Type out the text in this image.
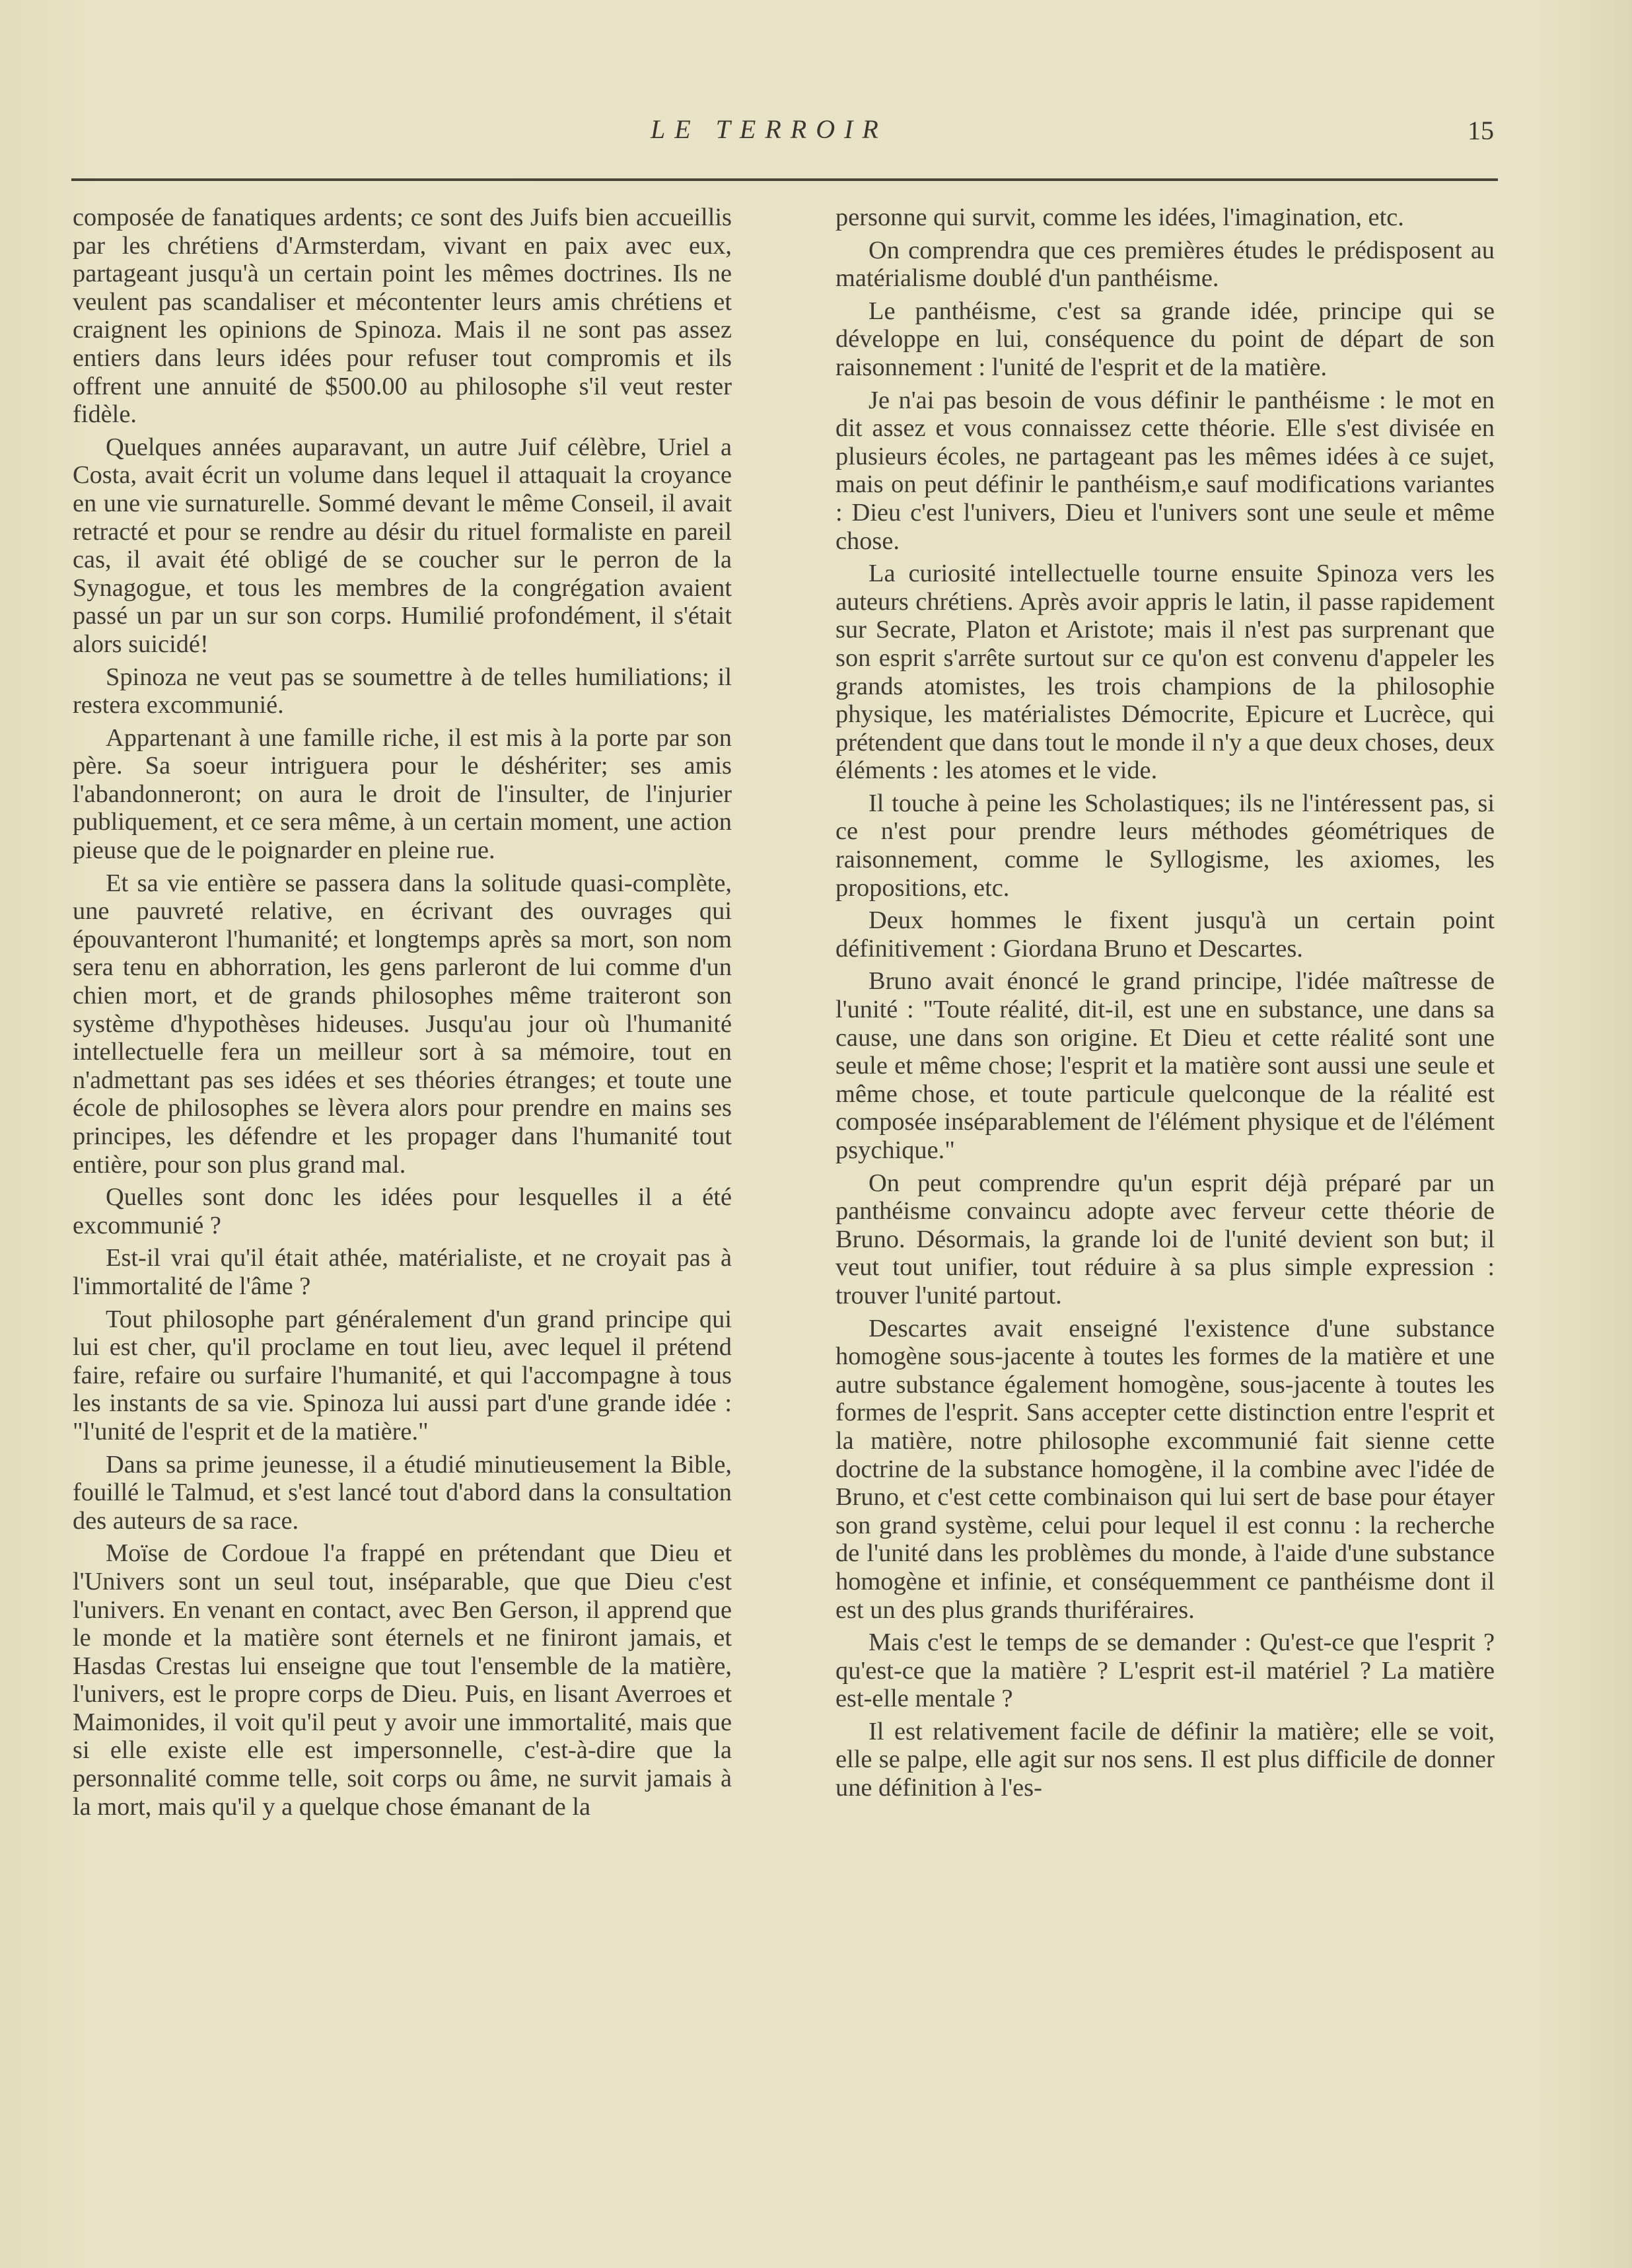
LE TERROIR	15

composée de fanatiques ardents; ce sont des Juifs bien accueillis par les chrétiens d'Armsterdam, vivant en paix avec eux, partageant jusqu'à un certain point les mêmes doctrines. Ils ne veulent pas scandaliser et mécontenter leurs amis chrétiens et craignent les opinions de Spinoza. Mais il ne sont pas assez entiers dans leurs idées pour refuser tout compromis et ils offrent une annuité de $500.00 au philosophe s'il veut rester fidèle.

Quelques années auparavant, un autre Juif célèbre, Uriel a Costa, avait écrit un volume dans lequel il attaquait la croyance en une vie surnaturelle. Sommé devant le même Conseil, il avait retracté et pour se rendre au désir du rituel formaliste en pareil cas, il avait été obligé de se coucher sur le perron de la Synagogue, et tous les membres de la congrégation avaient passé un par un sur son corps. Humilié profondément, il s'était alors suicidé!

Spinoza ne veut pas se soumettre à de telles humiliations; il restera excommunié.

Appartenant à une famille riche, il est mis à la porte par son père. Sa soeur intriguera pour le déshériter; ses amis l'abandonneront; on aura le droit de l'insulter, de l'injurier publiquement, et ce sera même, à un certain moment, une action pieuse que de le poignarder en pleine rue.

Et sa vie entière se passera dans la solitude quasi-complète, une pauvreté relative, en écrivant des ouvrages qui épouvanteront l'humanité; et longtemps après sa mort, son nom sera tenu en abhorration, les gens parleront de lui comme d'un chien mort, et de grands philosophes même traiteront son système d'hypothèses hideuses. Jusqu'au jour où l'humanité intellectuelle fera un meilleur sort à sa mémoire, tout en n'admettant pas ses idées et ses théories étranges; et toute une école de philosophes se lèvera alors pour prendre en mains ses principes, les défendre et les propager dans l'humanité tout entière, pour son plus grand mal.

Quelles sont donc les idées pour lesquelles il a été excommunié ?

Est-il vrai qu'il était athée, matérialiste, et ne croyait pas à l'immortalité de l'âme ?

Tout philosophe part généralement d'un grand principe qui lui est cher, qu'il proclame en tout lieu, avec lequel il prétend faire, refaire ou surfaire l'humanité, et qui l'accompagne à tous les instants de sa vie. Spinoza lui aussi part d'une grande idée : "l'unité de l'esprit et de la matière."

Dans sa prime jeunesse, il a étudié minutieusement la Bible, fouillé le Talmud, et s'est lancé tout d'abord dans la consultation des auteurs de sa race.

Moïse de Cordoue l'a frappé en prétendant que Dieu et l'Univers sont un seul tout, inséparable, que que Dieu c'est l'univers. En venant en contact, avec Ben Gerson, il apprend que le monde et la matière sont éternels et ne finiront jamais, et Hasdas Crestas lui enseigne que tout l'ensemble de la matière, l'univers, est le propre corps de Dieu. Puis, en lisant Averroes et Maimonides, il voit qu'il peut y avoir une immortalité, mais que si elle existe elle est impersonnelle, c'est-à-dire que la personnalité comme telle, soit corps ou âme, ne survit jamais à la mort, mais qu'il y a quelque chose émanant de la

personne qui survit, comme les idées, l'imagination, etc.

On comprendra que ces premières études le prédisposent au matérialisme doublé d'un panthéisme.

Le panthéisme, c'est sa grande idée, principe qui se développe en lui, conséquence du point de départ de son raisonnement : l'unité de l'esprit et de la matière.

Je n'ai pas besoin de vous définir le panthéisme : le mot en dit assez et vous connaissez cette théorie. Elle s'est divisée en plusieurs écoles, ne partageant pas les mêmes idées à ce sujet, mais on peut définir le panthéism,e sauf modifications variantes : Dieu c'est l'univers, Dieu et l'univers sont une seule et même chose.

La curiosité intellectuelle tourne ensuite Spinoza vers les auteurs chrétiens. Après avoir appris le latin, il passe rapidement sur Secrate, Platon et Aristote; mais il n'est pas surprenant que son esprit s'arrête surtout sur ce qu'on est convenu d'appeler les grands atomistes, les trois champions de la philosophie physique, les matérialistes Démocrite, Epicure et Lucrèce, qui prétendent que dans tout le monde il n'y a que deux choses, deux éléments : les atomes et le vide.

Il touche à peine les Scholastiques; ils ne l'intéressent pas, si ce n'est pour prendre leurs méthodes géométriques de raisonnement, comme le Syllogisme, les axiomes, les propositions, etc.

Deux hommes le fixent jusqu'à un certain point définitivement : Giordana Bruno et Descartes.

Bruno avait énoncé le grand principe, l'idée maîtresse de l'unité : "Toute réalité, dit-il, est une en substance, une dans sa cause, une dans son origine. Et Dieu et cette réalité sont une seule et même chose; l'esprit et la matière sont aussi une seule et même chose, et toute particule quelconque de la réalité est composée inséparablement de l'élément physique et de l'élément psychique."

On peut comprendre qu'un esprit déjà préparé par un panthéisme convaincu adopte avec ferveur cette théorie de Bruno. Désormais, la grande loi de l'unité devient son but; il veut tout unifier, tout réduire à sa plus simple expression : trouver l'unité partout.

Descartes avait enseigné l'existence d'une substance homogène sous-jacente à toutes les formes de la matière et une autre substance également homogène, sous-jacente à toutes les formes de l'esprit. Sans accepter cette distinction entre l'esprit et la matière, notre philosophe excommunié fait sienne cette doctrine de la substance homogène, il la combine avec l'idée de Bruno, et c'est cette combinaison qui lui sert de base pour étayer son grand système, celui pour lequel il est connu : la recherche de l'unité dans les problèmes du monde, à l'aide d'une substance homogène et infinie, et conséquemment ce panthéisme dont il est un des plus grands thuriféraires.

Mais c'est le temps de se demander : Qu'est-ce que l'esprit ? qu'est-ce que la matière ? L'esprit est-il matériel ? La matière est-elle mentale ?

Il est relativement facile de définir la matière; elle se voit, elle se palpe, elle agit sur nos sens. Il est plus difficile de donner une définition à l'es-
